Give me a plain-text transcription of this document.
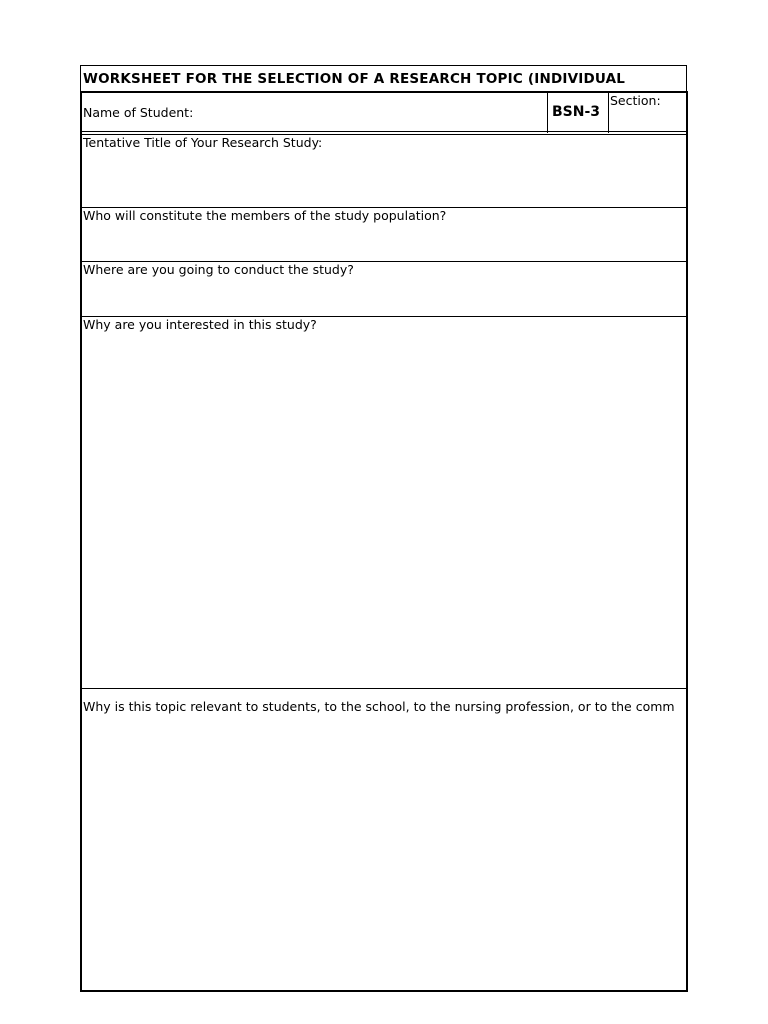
WORKSHEET FOR THE SELECTION OF A RESEARCH TOPIC (INDIVIDUAL
Name of Student:	BSN-3
Section:
Tentative Title of Your Research Study:
Who will constitute the members of the study population?
Where are you going to conduct the study?
Why are you interested in this study?
Why is this topic relevant to students, to the school, to the nursing profession, or to the comm
